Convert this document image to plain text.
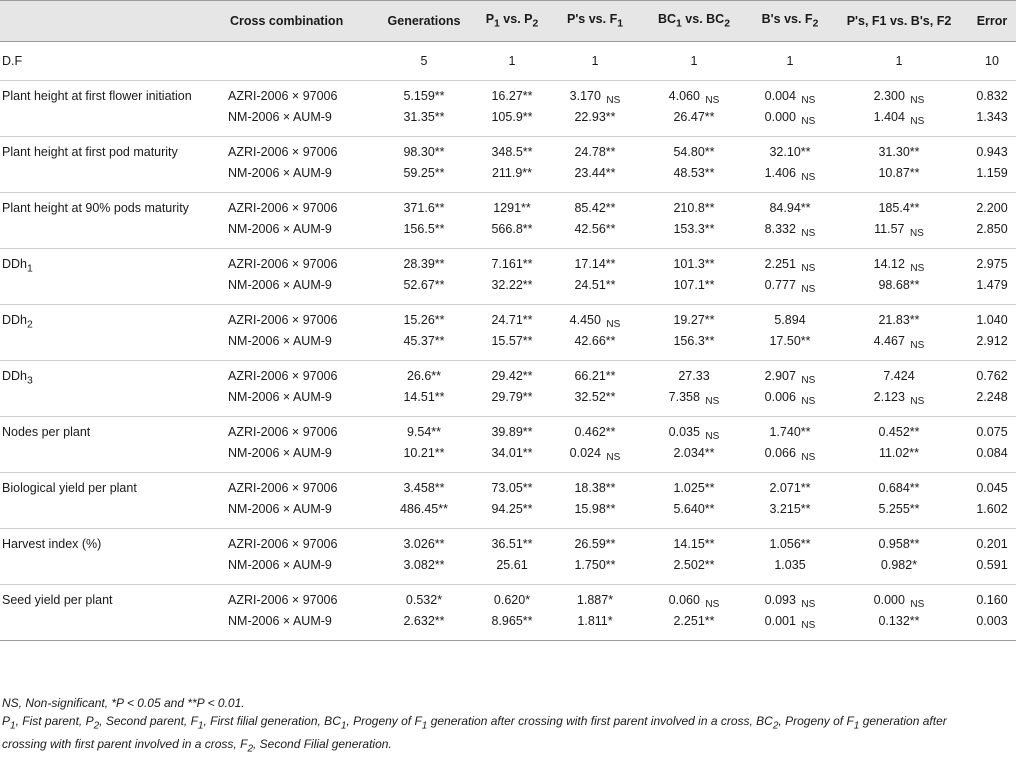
	Cross combination	Generations	$P_1$ vs. $P_2$	P's vs. $F_1$	$BC_1$ vs. $BC_2$	B's vs. $F_2$	P's, F1 vs. B's, F2	Error
D.F		5	1	1	1	1	1	10
Plant height at first flower initiation	AZRI-2006 × 97006	5.159**	16.27**	3.170 $_{NS}$	4.060 $_{NS}$	0.004 $_{NS}$	2.300 $_{NS}$	0.832
	NM-2006 × AUM-9	31.35**	105.9**	22.93**	26.47**	0.000 $_{NS}$	1.404 $_{NS}$	1.343
Plant height at first pod maturity	AZRI-2006 × 97006	98.30**	348.5**	24.78**	54.80**	32.10**	31.30**	0.943
	NM-2006 × AUM-9	59.25**	211.9**	23.44**	48.53**	1.406 $_{NS}$	10.87**	1.159
Plant height at 90% pods maturity	AZRI-2006 × 97006	371.6**	1291**	85.42**	210.8**	84.94**	185.4**	2.200
	NM-2006 × AUM-9	156.5**	566.8**	42.56**	153.3**	8.332 $_{NS}$	11.57 $_{NS}$	2.850
DDh$_1$	AZRI-2006 × 97006	28.39**	7.161**	17.14**	101.3**	2.251 $_{NS}$	14.12 $_{NS}$	2.975
	NM-2006 × AUM-9	52.67**	32.22**	24.51**	107.1**	0.777 $_{NS}$	98.68**	1.479
DDh$_2$	AZRI-2006 × 97006	15.26**	24.71**	4.450 $_{NS}$	19.27**	5.894	21.83**	1.040
	NM-2006 × AUM-9	45.37**	15.57**	42.66**	156.3**	17.50**	4.467 $_{NS}$	2.912
DDh$_3$	AZRI-2006 × 97006	26.6**	29.42**	66.21**	27.33	2.907 $_{NS}$	7.424	0.762
	NM-2006 × AUM-9	14.51**	29.79**	32.52**	7.358 $_{NS}$	0.006 $_{NS}$	2.123 $_{NS}$	2.248
Nodes per plant	AZRI-2006 × 97006	9.54**	39.89**	0.462**	0.035 $_{NS}$	1.740**	0.452**	0.075
	NM-2006 × AUM-9	10.21**	34.01**	0.024 $_{NS}$	2.034**	0.066 $_{NS}$	11.02**	0.084
Biological yield per plant	AZRI-2006 × 97006	3.458**	73.05**	18.38**	1.025**	2.071**	0.684**	0.045
	NM-2006 × AUM-9	486.45**	94.25**	15.98**	5.640**	3.215**	5.255**	1.602
Harvest index (%)	AZRI-2006 × 97006	3.026**	36.51**	26.59**	14.15**	1.056**	0.958**	0.201
	NM-2006 × AUM-9	3.082**	25.61	1.750**	2.502**	1.035	0.982*	0.591
Seed yield per plant	AZRI-2006 × 97006	0.532*	0.620*	1.887*	0.060 $_{NS}$	0.093 $_{NS}$	0.000 $_{NS}$	0.160
	NM-2006 × AUM-9	2.632**	8.965**	1.811*	2.251**	0.001 $_{NS}$	0.132**	0.003
NS, Non-significant, *P < 0.05 and **P < 0.01.
$P_1$, Fist parent, $P_2$, Second parent, $F_1$, First filial generation, $BC_1$, Progeny of $F_1$ generation after crossing with first parent involved in a cross, $BC_2$, Progeny of $F_1$ generation after
crossing with first parent involved in a cross, $F_2$, Second Filial generation.
